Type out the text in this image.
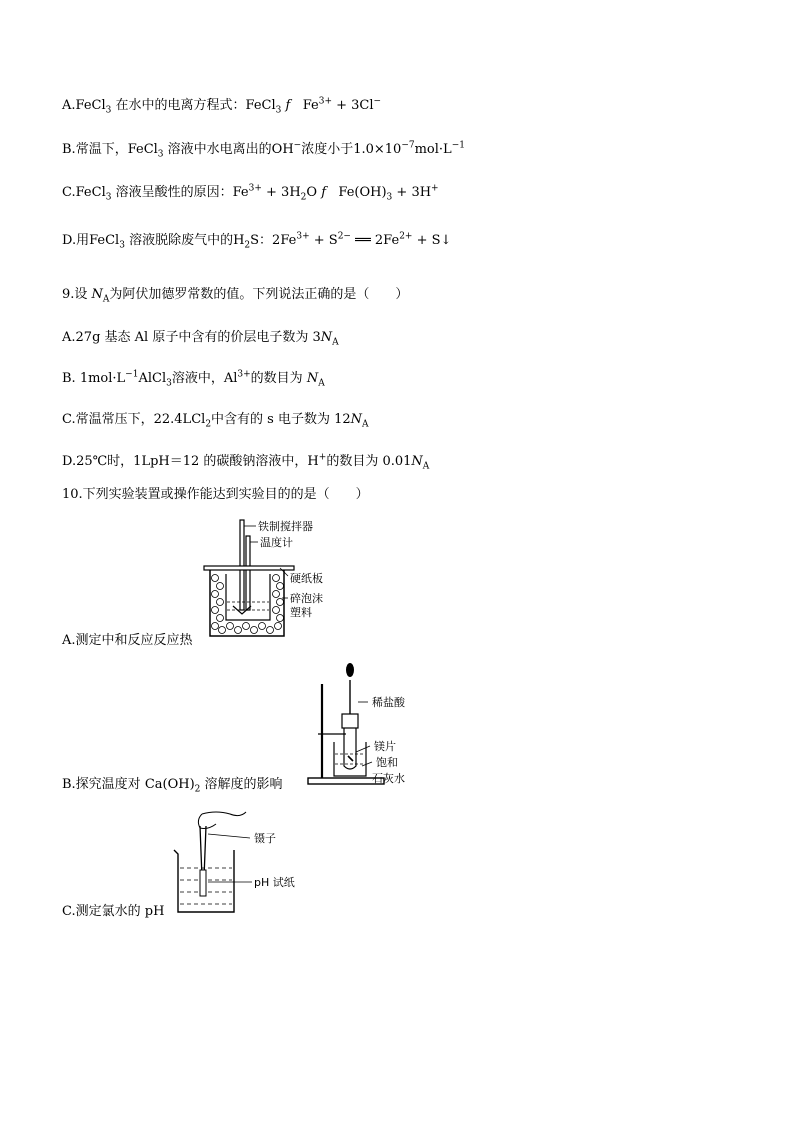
A.FeCl$_3$ 在水中的电离方程式：FeCl$_3$ f   $Fe^{3+} + 3Cl^-$
B.常温下，FeCl$_3$ 溶液中水电离出的OH−浓度小于$1.0\times 10^{-7}mol\cdot L^{-1}$
C.FeCl$_3$ 溶液呈酸性的原因：$Fe^{3+} + 3H_2O$ f   $Fe(OH)_3 + 3H^+$
D.用FeCl$_3$ 溶液脱除废气中的$H_2S$：$2Fe^{3+} + S^{2-}$ ══ $2Fe^{2+}$ + S↓
9.设 $N_A$为阿伏加德罗常数的值。下列说法正确的是（　　）
A.27g 基态 Al 原子中含有的价层电子数为 $3N_A$
B. $1mol\cdot L^{-1}AlCl_3$溶液中，$Al^{3+}$的数目为 $N_A$
C.常温常压下，22.4LCl$_2$中含有的 s 电子数为 $12N_A$
D.25℃时，1LpH＝12 的碳酸钠溶液中，H+的数目为 $0.01N_A$
10.下列实验装置或操作能达到实验目的的是（　　）
铁制搅拌器
温度计
硬纸板
碎泡沫
塑料
A.测定中和反应反应热
稀盐酸
镁片
饱和
石灰水
B.探究温度对 $Ca(OH)_2$ 溶解度的影响
镊子
pH 试纸
C.测定氯水的 pH
